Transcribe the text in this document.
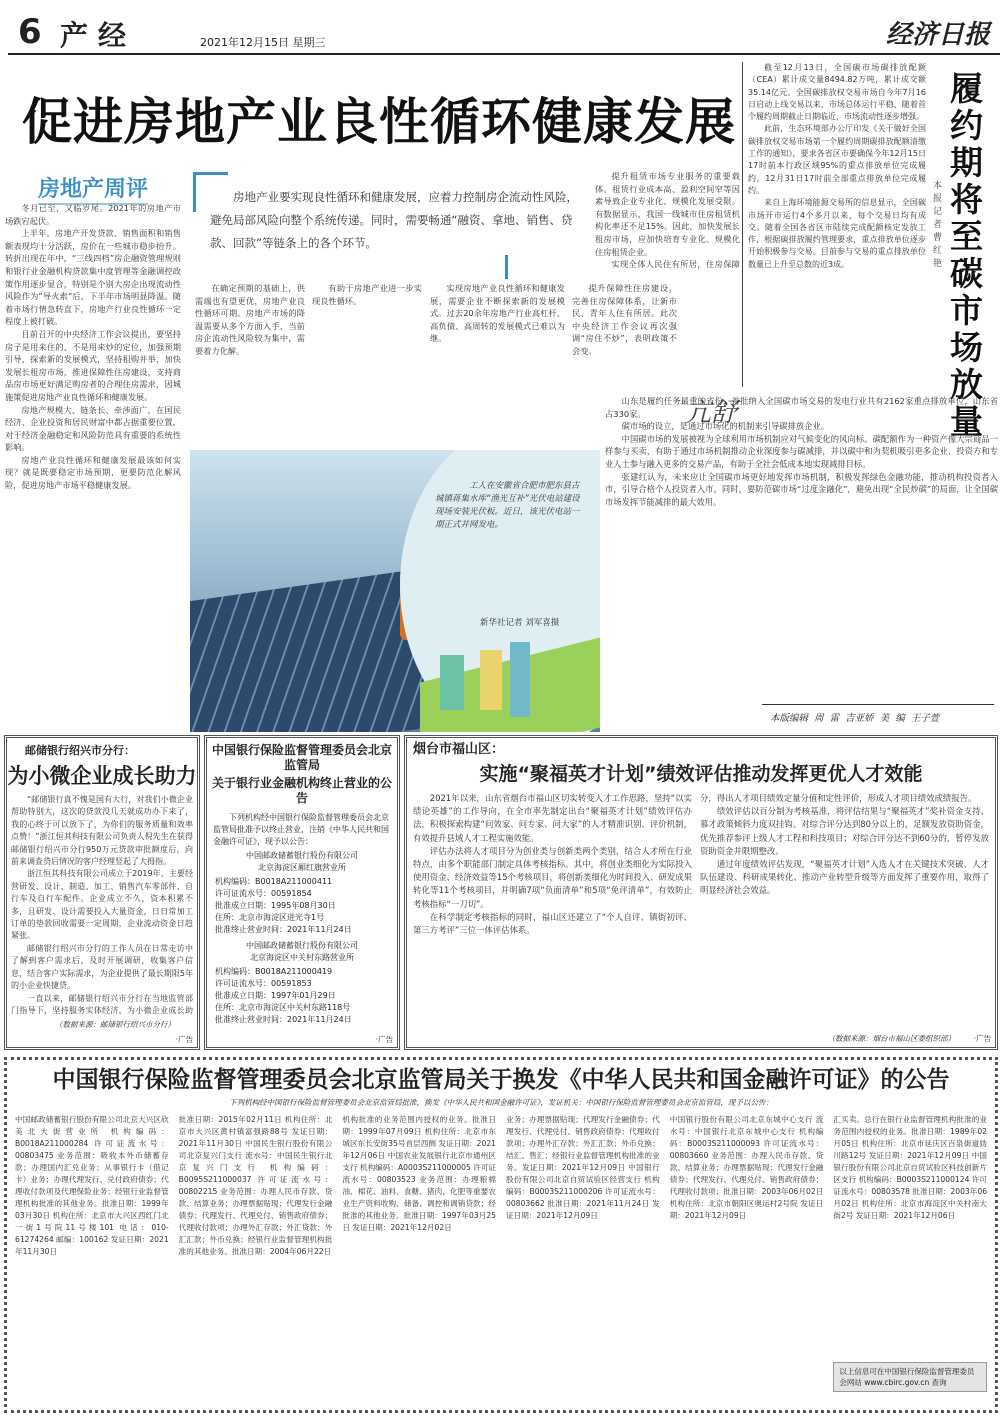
6 产经	2021年12月15日 星期三	经济日报
促进房地产业良性循环健康发展
房地产周评

冬月已至，又临岁尾。2021年的房地产市场跌宕起伏。

上半年，房地产开发贷款、销售面积和销售额表现均十分活跃，房价在一些城市稳步抬升。转折出现在年中，“三线四档”房企融资管理规则和银行业金融机构贷款集中度管理等金融调控政策作用逐步显合，特别是个别大房企出现流动性风险作为“导火索”后，下半年市场明显降温。随着市场行情急转直下，房地产行业良性循环一定程度上被打破。

目前召开的中央经济工作会议提出，要坚持房子是用来住的、不是用来炒的定位，加强预期引导，探索新的发展模式，坚持租购并举，加快发展长租房市场，推进保障性住房建设，支持商品房市场更好满足购房者的合理住房需求，因城施策促进房地产业良性循环和健康发展。

房地产规模大、链条长、牵涉面广，在国民经济、企业投资和居民财富中都占据重要位置，对于经济金融稳定和风险防范具有重要的系统性影响。

房地产业良性循环和健康发展最该如何实现？就是既要稳定市场预期，更要防范化解风险，促进房地产市场平稳健康发展。

房地产业要实现良性循环和健康发展，应着力控制房企流动性风险，避免局部风险向整个系统传递。同时，需要畅通“融资、拿地、销售、贷款、回款”等链条上的各个环节。

提升租赁市场专业服务的重要载体。租赁行业成本高、盈利空间窄等因素导致企业专业化、规模化发展受限。有数据显示，我国一线城市住房租赁机构化率还不足15%。因此，加快发展长租房市场，应加快培育专业化、规模化住房租赁企业。

实现全体人民住有所居，住房保障

在确定预期的基础上，供需端也有望更优，房地产业良性循环可期。房地产市场的降温需要从多个方面入手，当前房企流动性风险较为集中，需要着力化解。

有助于房地产业进一步实现良性循环。

实现房地产业良性循环和健康发展，需要企业不断探索新的发展模式。过去20余年房地产行业高杠杆、高负债、高周转的发展模式已难以为继。

提升保障性住房建设，完善住房保障体系，让新市民、青年人住有所居。此次中央经济工作会议再次强调“房住不炒”，表明政策不会变。

亢舒
工人在安徽省合肥市肥东县古城镇蒋集水库“渔光互补”光伏电站建设现场安装光伏板。近日，该光伏电站一期正式并网发电。
新华社记者 刘军喜摄

截至12月13日，全国碳市场碳排放配额（CEA）累计成交量8494.82万吨，累计成交额35.14亿元。全国碳排放权交易市场自今年7月16日启动上线交易以来，市场总体运行平稳，随着首个履约周期截止日期临近，市场流动性逐步增强。

此前，生态环境部办公厅印发《关于做好全国碳排放权交易市场第一个履约周期碳排放配额清缴工作的通知》，要求各省区市要确保今年12月15日17时前本行政区域95%的重点排放单位完成履约，12月31日17时前全部重点排放单位完成履约。

来自上海环境能源交易所的信息显示，全国碳市场开市运行4个多月以来，每个交易日均有成交。随着全国各省区市陆续完成配额核定发放工作，根据碳排放履约管理要求，重点排放单位逐步开始积极参与交易。目前参与交易的重点排放单位数量已上升至总数的近3成。

履约期将至碳市场放量
本报记者 曹红艳

山东是履约任务最重的省份，首批纳入全国碳市场交易的发电行业共有2162家重点排放单位，山东省占330家。

碳市场的设立，是通过市场化的机制来引导碳排放企业。

中国碳市场的发展被视为全球利用市场机制应对气候变化的风向标。碳配额作为一种资产像大宗商品一样参与买卖，有助于通过市场机制推动企业深度参与碳减排，并以碳中和为契机吸引更多企业、投资方和专业人士参与融入更多的交易产品，有助于全社会低成本地实现减排目标。

张建红认为，未来应让全国碳市场更好地发挥市场机制，积极发挥绿色金融功能，推动机构投资者入市，引导合格个人投资者入市。同时，要防范碳市场“过度金融化”，避免出现“全民炒碳”的局面，让全国碳市场发挥节能减排的最大效用。

本版编辑  周  雷  吉亚娇  美  编  王子萱
邮储银行绍兴市分行：
为小微企业成长助力

“邮储银行真不愧是国有大行，对我们小微企业帮助特别大，这次的贷款没几天就成功办下来了，我的心终于可以放下了，为你们的服务质量和效率点赞！”浙江恒其科技有限公司负责人倪先生在获得邮储银行绍兴市分行950万元贷款审批额度后，向前来调查贷后情况的客户经理竖起了大拇指。

浙江恒其科技有限公司成立于2019年，主要经营研发、设计、制造、加工、销售汽车零部件、自行车及自行车配件。企业成立不久，资本积累不多，且研发、设计需要投入大量资金，日日常加工订单的垫款回收需要一定周期，企业流动资金日趋紧张。

邮储银行绍兴市分行的工作人员在日常走访中了解到客户需求后，及时开展调研，收集客户信息，结合客户实际需求，为企业提供了最长期限5年的小企业快捷贷。

一直以来，邮储银行绍兴市分行在当地监管部门指导下，坚持服务实体经济，为小微企业成长助

（数据来源：邮储银行绍兴市分行）
·广告
中国银行保险监督管理委员会北京监管局
关于银行业金融机构终止营业的公告
下列机构经中国银行保险监督管理委员会北京监管局批准予以终止营业，注销《中华人民共和国金融许可证》，现予以公告：
中国邮政储蓄银行股份有限公司
北京海淀区厢红旗营业所
机构编码：B0018A211000411
许可证流水号：00591854
批准成立日期：1995年08月30日
住所：北京市海淀区进光寺1号
批准终止营业时间：2021年11月24日
中国邮政储蓄银行股份有限公司
北京海淀区中关村东路营业所
机构编码：B0018A211000419
许可证流水号：00591853
批准成立日期：1997年01月29日
住所：北京市海淀区中关村东路118号
批准终止营业时间：2021年11月24日
·广告
烟台市福山区：
实施“聚福英才计划”绩效评估推动发挥更优人才效能

2021年以来，山东省烟台市福山区切实转变人才工作思路，坚持“以实绩论英雄”的工作导向，在全市率先制定出台“聚福英才计划”绩效评估办法，积极探索构建“问效家、问专家、问大家”的人才精准识别、评价机制，有效提升县域人才工程实施效能。

评估办法将人才项目分为创业类与创新类两个类别，结合人才所在行业特点，由多个职能部门制定具体考核指标。其中，将创业类细化为实际投入使用资金、经济效益等15个考核项目，将创新类细化为时间投入、研发成果转化等11个考核项目，并明确7项“负面清单”和5项“免评清单”，有效防止考核指标“一刀切”。

在科学制定考核指标的同时，福山区还建立了“个人自评、镇街初评、第三方考评”三位一体评估体系。

分，得出人才项目绩效定量分值和定性评价，形成人才项目绩效成绩报告。

绩效评估以百分制为考核基准，将评估结果与“聚福英才”奖补资金支持、慕才政策倾斜力度双挂钩。对综合评分达到80分以上的，足额发放资助资金，优先推荐参评上级人才工程和科技项目；对综合评分达不到60分的，暂停发放资助资金并限期整改。

通过年度绩效评估发现，“聚福英才计划”入选人才在关键技术突破、人才队伍建设、科研成果转化、推动产业转型升级等方面发挥了重要作用，取得了明显经济社会效益。

（数据来源：烟台市福山区委组织部） ·广告
中国银行保险监督管理委员会北京监管局关于换发《中华人民共和国金融许可证》的公告
下列机构经中国银行保险监督管理委员会北京监管局批准，换发《中华人民共和国金融许可证》，发证机关：中国银行保险监督管理委员会北京监管局，现予以公告：
中国邮政储蓄银行股份有限公司北京大兴区欣美北大街营业所 机构编码：B0018A211000284 许可证流水号：00803475 业务范围：吸收本外币储蓄存款；办理国内汇兑业务；从事银行卡（借记卡）业务；办理代理发行、兑付政府债券；代理收付款项及代理保险业务；经银行业监督管理机构批准的其他业务。批准日期：1999年03月30日 机构住所：北京市大兴区西红门北一街1号院11号楼101 电话：010-61274264 邮编：100162 发证日期：2021年11月30日
批准日期：2015年02月11日 机构住所：北京市大兴区黄村镇富强路88号 发证日期：2021年11月30日 中国民生银行股份有限公司北京复兴门支行 流水号：中国民生银行北京复兴门支行 机构编码：B0095S211000037 许可证流水号：00802215 业务范围：办理人民币存款、贷款、结算业务；办理票据贴现；代理发行金融债券；代理发行、代理兑付、销售政府债券；代理收付款项；办理外汇存款；外汇贷款；外汇汇款；外币兑换；经银行业监督管理机构批准的其他业务。批准日期：2004年06月22日
机构批准的业务范围内授权的业务。批准日期：1999年07月09日 机构住所：北京市东城区东长安街35号首层西侧 发证日期：2021年12月06日 中国农业发展银行北京市通州区支行 机构编码：A0003S211000005 许可证流水号：00803523 业务范围：办理粮棉油、棉花、油料、食糖、猪肉、化肥等重要农业生产资料收购、储备、调控和调销贷款；经批准的其他业务。批准日期：1997年03月25日 发证日期：2021年12月02日
业务；办理票据贴现；代理发行金融债券；代理发行、代理兑付、销售政府债券；代理收付款项；办理外汇存款；外汇汇款；外币兑换；结汇、售汇；经银行业监督管理机构批准的业务。发证日期：2021年12月09日 中国银行股份有限公司北京自贸试验区经营支行 机构编码：B0003S211000206 许可证流水号：00803662 批准日期：2021年11月24日 发证日期：2021年12月09日
中国银行股份有限公司北京东城中心支行 流水号：中国银行北京东城中心支行 机构编码：B0003S211000093 许可证流水号：00803660 业务范围：办理人民币存款、贷款、结算业务；办理票据贴现；代理发行金融债券；代理发行、代理兑付、销售政府债券；代理收付款项；批准日期：2003年06月02日 机构住所：北京市朝阳区奥运村2号院 发证日期：2021年12月09日
汇买卖。总行在银行业监督管理机构批准的业务范围内授权的业务。批准日期：1989年02月05日 机构住所：北京市延庆区百泉街道妫川路12号 发证日期：2021年12月09日 中国银行股份有限公司北京自贸试验区科技创新片区支行 机构编码：B0003S211000124 许可证流水号：00803578 批准日期：2003年06月02日 机构住所：北京市海淀区中关村南大街2号 发证日期：2021年12月06日
以上信息可在中国银行保险监督管理委员会网站 www.cbirc.gov.cn 查询
